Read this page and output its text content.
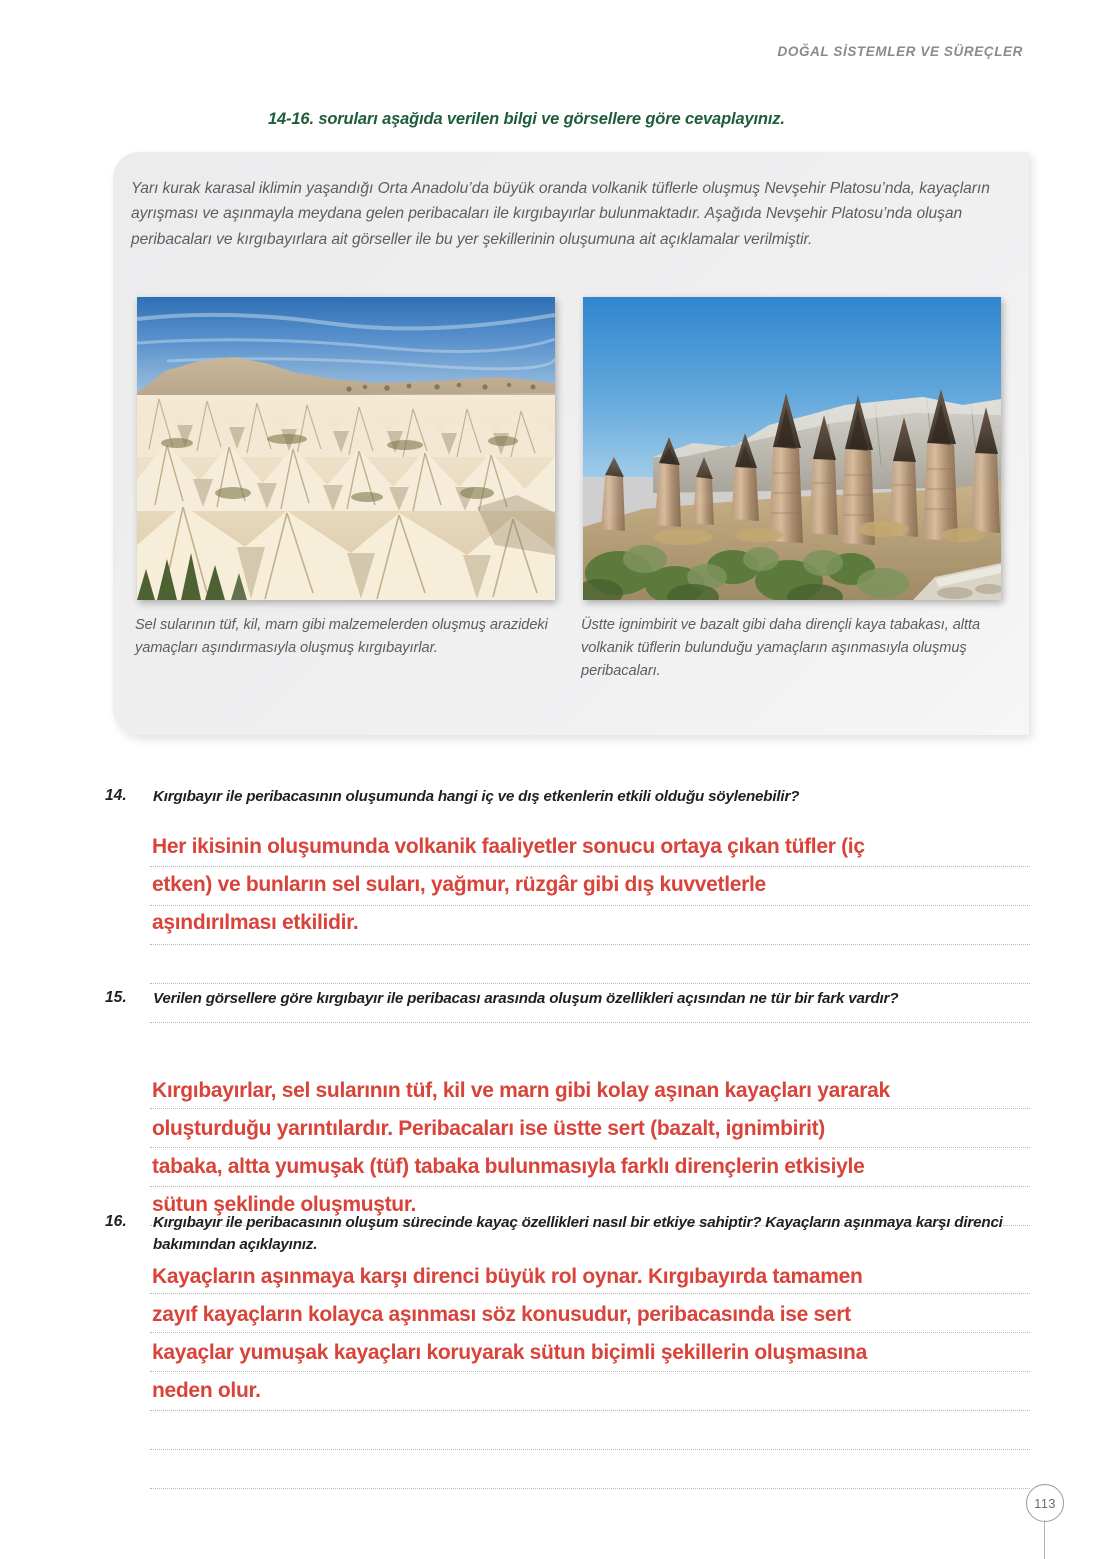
DOĞAL SİSTEMLER VE SÜREÇLER
14-16. soruları aşağıda verilen bilgi ve görsellere göre cevaplayınız.
Yarı kurak karasal iklimin yaşandığı Orta Anadolu’da büyük oranda volkanik tüflerle oluşmuş Nevşehir Platosu’nda, kayaçların ayrışması ve aşınmayla meydana gelen peribacaları ile kırgıbayırlar bulunmaktadır. Aşağıda Nevşehir Platosu’nda oluşan peribacaları ve kırgıbayırlara ait görseller ile bu yer şekillerinin oluşumuna ait açıklamalar verilmiştir.
Sel sularının tüf, kil, marn gibi malzemelerden oluşmuş arazideki yamaçları aşındırmasıyla oluşmuş kırgıbayırlar.
Üstte ignimbirit ve bazalt gibi daha dirençli kaya tabakası, altta volkanik tüflerin bulunduğu yamaçların aşınmasıyla oluşmuş peribacaları.
14.	Kırgıbayır ile peribacasının oluşumunda hangi iç ve dış etkenlerin etkili olduğu söylenebilir?
Her ikisinin oluşumunda volkanik faaliyetler sonucu ortaya çıkan tüfler (iç
etken) ve bunların sel suları, yağmur, rüzgâr gibi dış kuvvetlerle
aşındırılması etkilidir.
15.	Verilen görsellere göre kırgıbayır ile peribacası arasında oluşum özellikleri açısından ne tür bir fark vardır?
Kırgıbayırlar, sel sularının tüf, kil ve marn gibi kolay aşınan kayaçları yararak
oluşturduğu yarıntılardır. Peribacaları ise üstte sert (bazalt, ignimbirit)
tabaka, altta yumuşak (tüf) tabaka bulunmasıyla farklı dirençlerin etkisiyle
sütun şeklinde oluşmuştur.
16.	Kırgıbayır ile peribacasının oluşum sürecinde kayaç özellikleri nasıl bir etkiye sahiptir? Kayaçların aşınmaya karşı direnci bakımından açıklayınız.
Kayaçların aşınmaya karşı direnci büyük rol oynar. Kırgıbayırda tamamen
zayıf kayaçların kolayca aşınması söz konusudur, peribacasında ise sert
kayaçlar yumuşak kayaçları koruyarak sütun biçimli şekillerin oluşmasına
neden olur.
113
